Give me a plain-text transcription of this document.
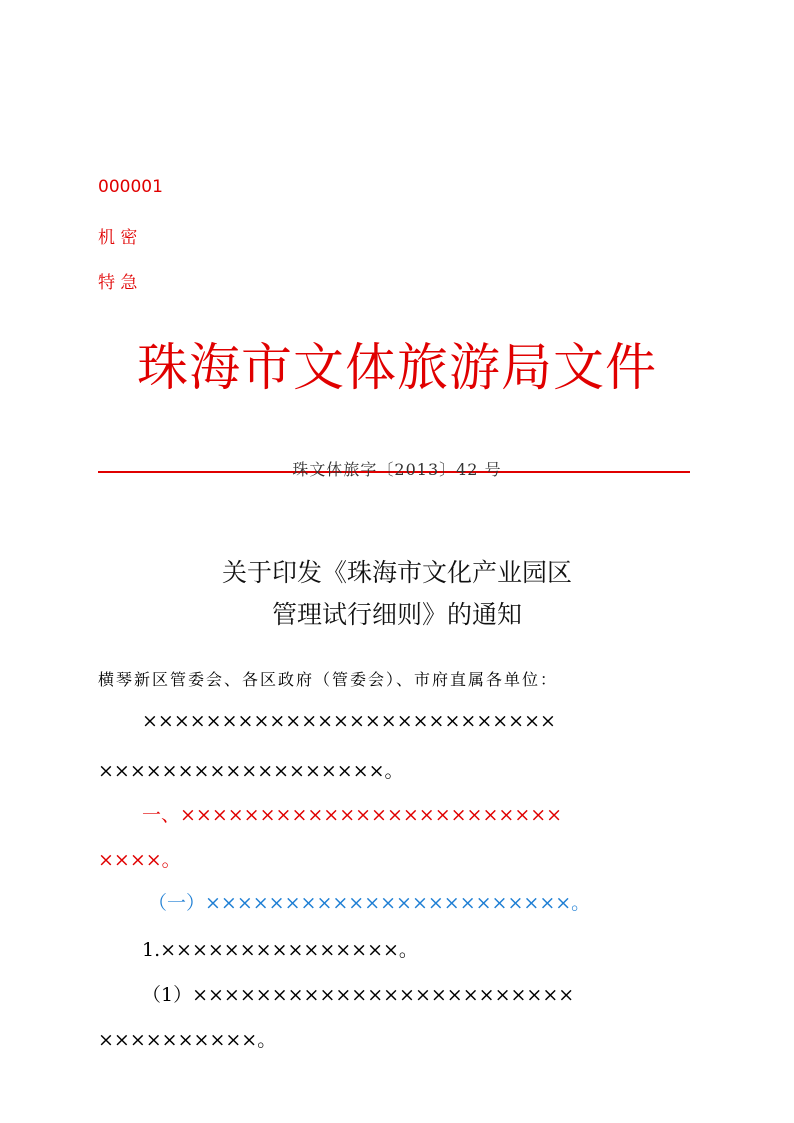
000001
机 密
特 急
珠海市文体旅游局文件
珠文体旅字〔2013〕42 号
关于印发《珠海市文化产业园区
管理试行细则》的通知
横琴新区管委会、各区政府（管委会）、市府直属各单位：
××××××××××××××××××××××××××
××××××××××××××××××。
一、××××××××××××××××××××××××
××××。
（一）×××××××××××××××××××××××。
1.×××××××××××××××。
（1）××××××××××××××××××××××××
××××××××××。
